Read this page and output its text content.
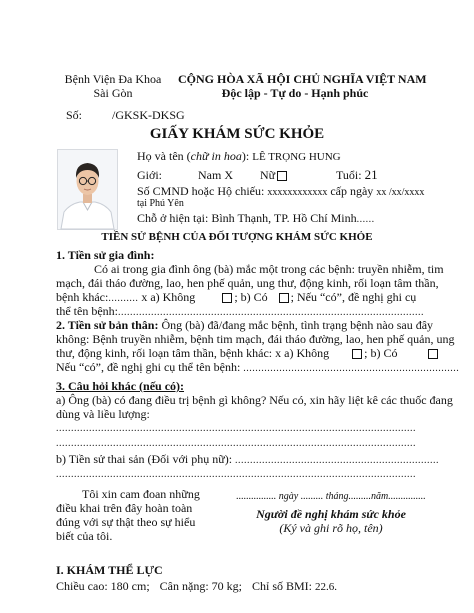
Bệnh Viện Đa Khoa
Sài Gòn
CỘNG HÒA XÃ HỘI CHỦ NGHĨA VIỆT NAM
Độc lập - Tự do - Hạnh phúc
Số:	/GKSK-DKSG
GIẤY KHÁM SỨC KHỎE
Họ và tên (chữ in hoa): LÊ TRỌNG HUNG
Giới:	Nam X Nữ	Tuổi: 21
Số CMND hoặc Hộ chiếu: xxxxxxxxxxxx cấp ngày xx /xx/xxxx
tại Phú Yên
Chỗ ở hiện tại: Bình Thạnh, TP. Hồ Chí Minh......
TIỀN SỬ BỆNH CỦA ĐỐI TƯỢNG KHÁM SỨC KHỎE
1. Tiền sử gia đình:
Có ai trong gia đình ông (bà) mắc một trong các bệnh: truyền nhiễm, tim
mạch, đái tháo đường, lao, hen phế quản, ung thư, động kinh, rối loạn tâm thần,
bệnh khác:.......... x a) Không	; b) Có ; Nếu “có”, đề nghị ghi cụ
thể tên bệnh:......................................................................................................
2. Tiền sử bản thân: Ông (bà) đã/đang mắc bệnh, tình trạng bệnh nào sau đây
không: Bệnh truyền nhiễm, bệnh tim mạch, đái tháo đường, lao, hen phế quản, ung
thư, động kinh, rối loạn tâm thần, bệnh khác: x a) Không	; b) Có
Nếu “có”, đề nghị ghi cụ thể tên bệnh: ........................................................................
3. Câu hỏi khác (nếu có):
a) Ông (bà) có đang điều trị bệnh gì không? Nếu có, xin hãy liệt kê các thuốc đang
dùng và liều lượng:
........................................................................................................................
........................................................................................................................
b) Tiền sử thai sản (Đối với phụ nữ): ....................................................................
........................................................................................................................
Tôi xin cam đoan những
điều khai trên đây hoàn toàn
đúng với sự thật theo sự hiểu
biết của tôi.
................ ngày ......... tháng.........năm...............
Người đề nghị khám sức khỏe
(Ký và ghi rõ họ, tên)
I. KHÁM THỂ LỰC
Chiều cao: 180 cm; Cân nặng: 70 kg; Chỉ số BMI: 22.6.
